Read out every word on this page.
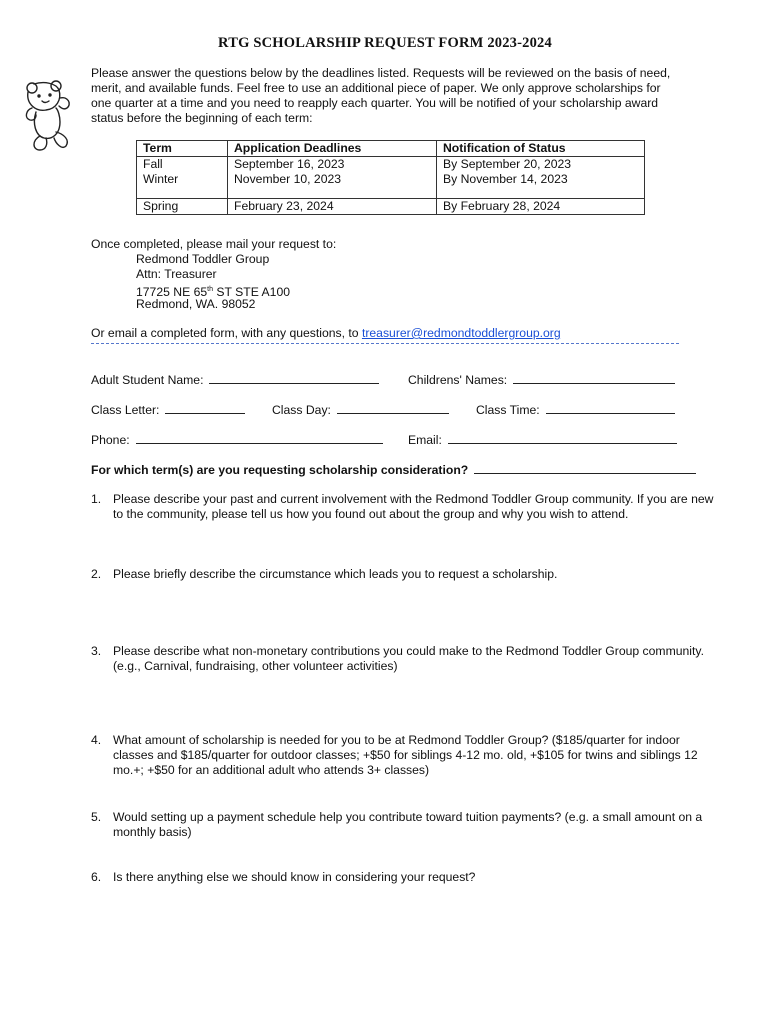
RTG SCHOLARSHIP REQUEST FORM 2023-2024
Please answer the questions below by the deadlines listed. Requests will be reviewed on the basis of need, merit, and available funds. Feel free to use an additional piece of paper. We only approve scholarships for one quarter at a time and you need to reapply each quarter. You will be notified of your scholarship award status before the beginning of each term:
Term	Application Deadlines	Notification of Status
Fall	September 16, 2023	By September 20, 2023
Winter	November 10, 2023	By November 14, 2023
Spring	February 23, 2024	By February 28, 2024
Once completed, please mail your request to:
Redmond Toddler Group
Attn: Treasurer
17725 NE 65th ST STE A100
Redmond, WA. 98052
Or email a completed form, with any questions, to treasurer@redmondtoddlergroup.org
Adult Student Name:	Childrens' Names:
Class Letter:	Class Day:	Class Time:
Phone:	Email:
For which term(s) are you requesting scholarship consideration?
1. Please describe your past and current involvement with the Redmond Toddler Group community. If you are new to the community, please tell us how you found out about the group and why you wish to attend.
2. Please briefly describe the circumstance which leads you to request a scholarship.
3. Please describe what non-monetary contributions you could make to the Redmond Toddler Group community. (e.g., Carnival, fundraising, other volunteer activities)
4. What amount of scholarship is needed for you to be at Redmond Toddler Group? ($185/quarter for indoor classes and $185/quarter for outdoor classes; +$50 for siblings 4-12 mo. old, +$105 for twins and siblings 12 mo.+; +$50 for an additional adult who attends 3+ classes)
5. Would setting up a payment schedule help you contribute toward tuition payments? (e.g. a small amount on a monthly basis)
6. Is there anything else we should know in considering your request?
